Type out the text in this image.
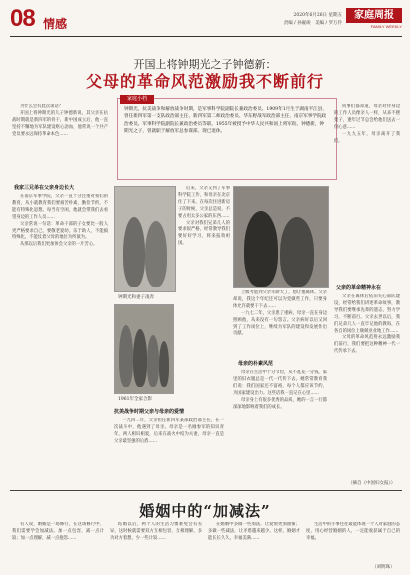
08 情感
2020年6月26日 星期五
责编 / 孙砚竣　美编 / 罗万伶
家庭周报
FAMILY WEEKLY
开国上将钟期光之子钟德新：
父母的革命风范激励我不断前行
家庭小档
钟期光，抗美战争和解放战争时期，是军事科学院副院长兼政治委员、1909年1月生于湖南平江县，曾任新四军第一支队政治部主任、新四军第二师政治委员、华东野战军政治部主任、南京军事学院政治委员、军事科学院副院长兼政治委员等职。1955年被授予中华人民共和国上将军衔。钟德新，钟期光之子，曾就职于解放军总参谋部、现已退休。

为什么会有此次谈话？

开国上将钟期光的儿子钟德新说，其父亲在抗战时期就是新四军的骨干，新中国成立后，他一直坚持不懈地为军队建设呕心沥血，他常说一个共产党员要永远保持革命本色……

我家三兄弟在父亲身边长大

在南京军事学院，父亲一直十分注重对我们的教育，从小就教育我们要艰苦朴素，勤俭节约，不能有特殊化思想。每当有空闲，他就会带我们去看望身边的工作人员……

父亲常说一句话：革命干部的子女要比一般人更严格要求自己，要敬老爱幼，乐于助人，不能搞特殊化，不能仗着父母的地位为所欲为。

从那以后我们更加体会父亲的一片苦心。

钟期光和妻子凌奔
1961年全家合影

后来，父亲又到了军事科学院工作，和母亲在北京住了下来。在每次住进新房子的时候，父亲总是说，不要占用太多公家的东西……

父亲对我们兄弟几人的要求很严格，经常教导我们要好好学习，将来报效祖国。

抗美战争时期父亲与母亲的爱情

一九四二年，父亲担任新四军某部政治部主任，在一次战斗中，他遇到了母亲。母亲是一名刚参军的知识青年，两人相识相爱，后来在战火中结为夫妻，母亲一直是父亲最坚强的后盾……

上级考虑到父亲年龄大了，想让他离休。父亲却说，我这个年纪还可以为党做些工作，只要身体允许就要干下去……

一九七二年，父亲患了重病，母亲一直在身边照顾他，从来没有一句怨言。父亲病好以后又回到了工作岗位上，继续为军队的建设和发展作出贡献。

母亲的朴素风范

母亲在生活中十分节俭，从不乱花一分钱，家里的旧衣服总是一代一代传下去。她常常教育我们说：我们国家还不富裕，每个人都应该节约，为国家建设出力。这些话我一直记在心里……

母亲身上有很多优秀的品质，她的一言一行都深深地影响着我们的成长。

同事们都知道，母亲对待身边的工作人员像亲人一样，从来不摆架子，逢年过节总会给他们送去一份心意……

一九九五年，母亲离开了我们。

父亲的革命精神永在

父亲在离休后依旧关心部队建设，经常给我们讲述革命故事，教导我们要继承先辈的遗志，努力学习，不断前行。父亲去世以后，我们兄弟几人一直牢记他的教诲，在各自的岗位上兢兢业业地工作……

父母的革命风范将永远激励我们前行，我们要把这种精神一代一代传承下去。

（摘自《中国妇女报》）
婚姻中的“加减法”

有人说，婚姻是一场修行，在这场修行中，我们需要学会加减法。加一点包容，减一点计较；加一点理解，减一点抱怨……

结婚以后，两个人的生活习惯难免会有差异，这时候就需要双方互相包容、互相理解，多为对方着想，少一些计较……

在婚姻中多做一些加法，让爱情更加甜蜜；多做一些减法，让矛盾越来越少。这样，婚姻才能长长久久，幸福美满……

生活中的小事往往最能体现一个人对家庭的态度，用心经营婚姻的人，一定能收获属于自己的幸福。

（刘明珠）
